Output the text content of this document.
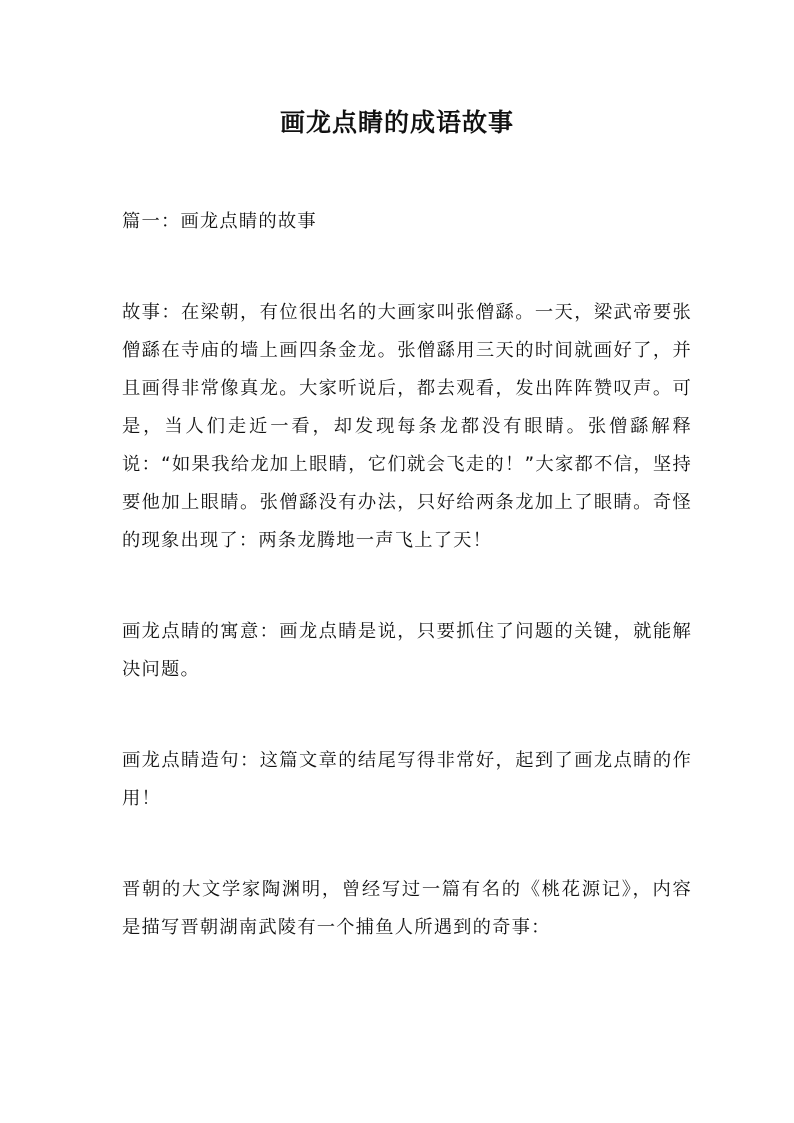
画龙点睛的成语故事

篇一：画龙点睛的故事

故事：在梁朝，有位很出名的大画家叫张僧繇。一天，梁武帝要张僧繇在寺庙的墙上画四条金龙。张僧繇用三天的时间就画好了，并且画得非常像真龙。大家听说后，都去观看，发出阵阵赞叹声。可是，当人们走近一看，却发现每条龙都没有眼睛。张僧繇解释说：“如果我给龙加上眼睛，它们就会飞走的！”大家都不信，坚持要他加上眼睛。张僧繇没有办法，只好给两条龙加上了眼睛。奇怪的现象出现了：两条龙腾地一声飞上了天！

画龙点睛的寓意：画龙点睛是说，只要抓住了问题的关键，就能解决问题。

画龙点睛造句：这篇文章的结尾写得非常好，起到了画龙点睛的作用！

晋朝的大文学家陶渊明，曾经写过一篇有名的《桃花源记》，内容是描写晋朝湖南武陵有一个捕鱼人所遇到的奇事：
